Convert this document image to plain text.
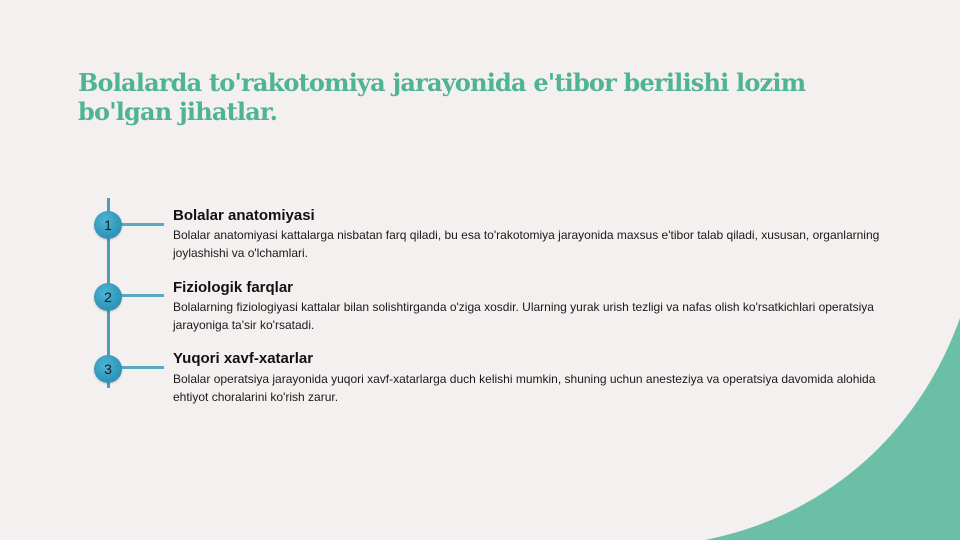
Bolalarda to'rakotomiya jarayonida e'tibor berilishi lozim bo'lgan jihatlar.
1
Bolalar anatomiyasi

Bolalar anatomiyasi kattalarga nisbatan farq qiladi, bu esa to'rakotomiya jarayonida maxsus e'tibor talab qiladi, xususan, organlarning joylashishi va o'lchamlari.

2
Fiziologik farqlar

Bolalarning fiziologiyasi kattalar bilan solishtirganda o'ziga xosdir. Ularning yurak urish tezligi va nafas olish ko'rsatkichlari operatsiya jarayoniga ta'sir ko'rsatadi.

3
Yuqori xavf-xatarlar

Bolalar operatsiya jarayonida yuqori xavf-xatarlarga duch kelishi mumkin, shuning uchun anesteziya va operatsiya davomida alohida ehtiyot choralarini ko'rish zarur.
